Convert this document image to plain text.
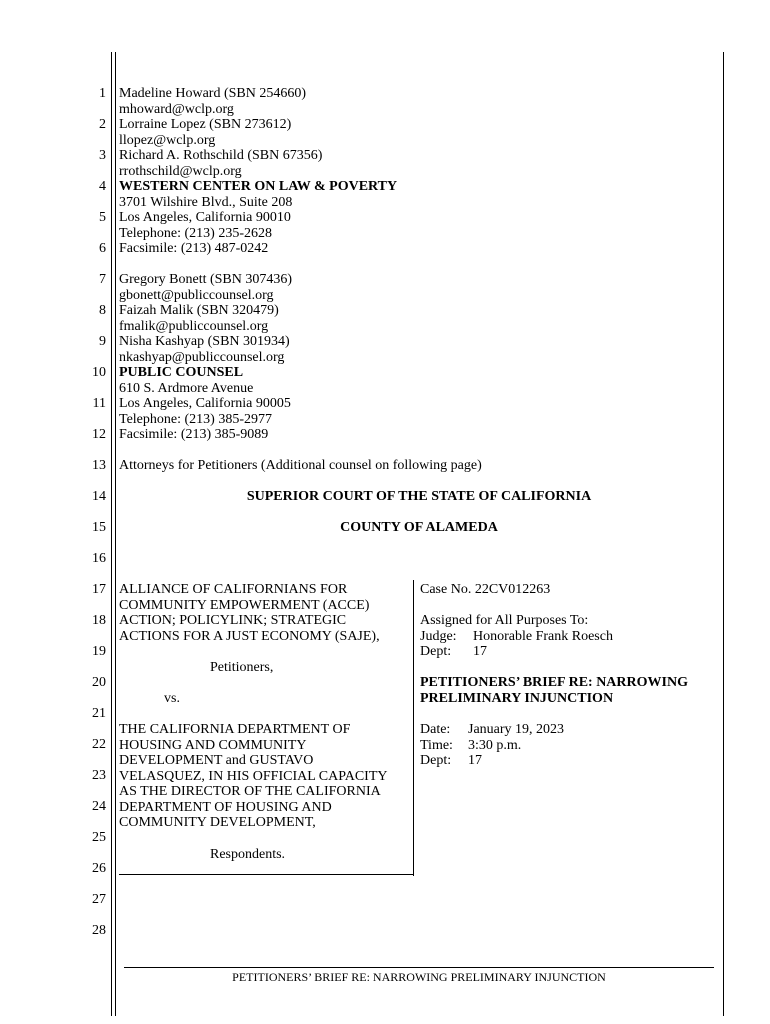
1
2
3
4
5
6
7
8
9
10
11
12
13
14
15
16
17
18
19
20
21
22
23
24
25
26
27
28
Madeline Howard (SBN 254660)
mhoward@wclp.org
Lorraine Lopez (SBN 273612)
llopez@wclp.org
Richard A. Rothschild (SBN 67356)
rrothschild@wclp.org
WESTERN CENTER ON LAW & POVERTY
3701 Wilshire Blvd., Suite 208
Los Angeles, California 90010
Telephone: (213) 235-2628
Facsimile: (213) 487-0242
Gregory Bonett (SBN 307436)
gbonett@publiccounsel.org
Faizah Malik (SBN 320479)
fmalik@publiccounsel.org
Nisha Kashyap (SBN 301934)
nkashyap@publiccounsel.org
PUBLIC COUNSEL
610 S. Ardmore Avenue
Los Angeles, California 90005
Telephone: (213) 385-2977
Facsimile: (213) 385-9089
Attorneys for Petitioners (Additional counsel on following page)
SUPERIOR COURT OF THE STATE OF CALIFORNIA
COUNTY OF ALAMEDA
ALLIANCE OF CALIFORNIANS FOR
COMMUNITY EMPOWERMENT (ACCE)
ACTION; POLICYLINK; STRATEGIC
ACTIONS FOR A JUST ECONOMY (SAJE),
Petitioners,
vs.
THE CALIFORNIA DEPARTMENT OF
HOUSING AND COMMUNITY
DEVELOPMENT and GUSTAVO
VELASQUEZ, IN HIS OFFICIAL CAPACITY
AS THE DIRECTOR OF THE CALIFORNIA
DEPARTMENT OF HOUSING AND
COMMUNITY DEVELOPMENT,
Respondents.
Case No. 22CV012263
Assigned for All Purposes To:
Judge: Honorable Frank Roesch
Dept: 17
PETITIONERS’ BRIEF RE: NARROWING
PRELIMINARY INJUNCTION
Date: January 19, 2023
Time: 3:30 p.m.
Dept: 17
PETITIONERS’ BRIEF RE: NARROWING PRELIMINARY INJUNCTION
